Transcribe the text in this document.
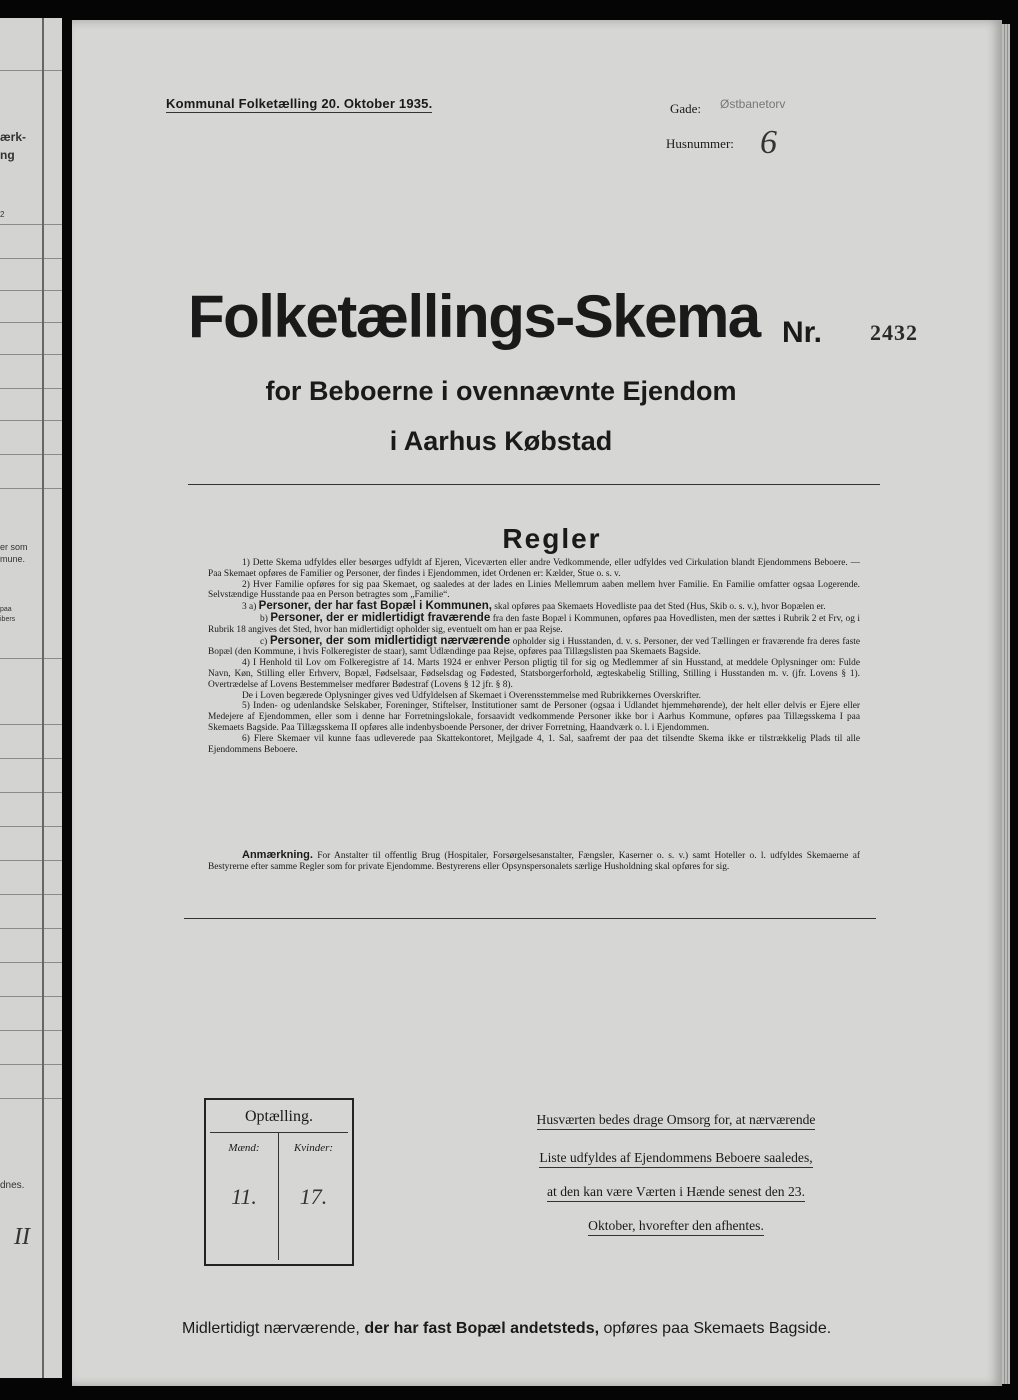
ærk-
ng
2
er som
mune.
paa
ibers
dnes.
II
Kommunal Folketælling 20. Oktober 1935.	Gade: Østbanetorv
Husnummer: 6
Folketællings-Skema Nr. 2432
for Beboerne i ovennævnte Ejendom
i Aarhus Købstad
Regler

1) Dette Skema udfyldes eller besørges udfyldt af Ejeren, Viceværten eller andre Vedkommende, eller udfyldes ved Cirkulation blandt Ejendommens Beboere. — Paa Skemaet opføres de Familier og Personer, der findes i Ejendommen, idet Ordenen er: Kælder, Stue o. s. v.

2) Hver Familie opføres for sig paa Skemaet, og saaledes at der lades en Linies Mellemrum aaben mellem hver Familie. En Familie omfatter ogsaa Logerende. Selvstændige Husstande paa en Person betragtes som „Familie“.

3 a) Personer, der har fast Bopæl i Kommunen, skal opføres paa Skemaets Hovedliste paa det Sted (Hus, Skib o. s. v.), hvor Bopælen er.

b) Personer, der er midlertidigt fraværende fra den faste Bopæl i Kommunen, opføres paa Hovedlisten, men der sættes i Rubrik 2 et Frv, og i Rubrik 18 angives det Sted, hvor han midlertidigt opholder sig, eventuelt om han er paa Rejse.

c) Personer, der som midlertidigt nærværende opholder sig i Husstanden, d. v. s. Personer, der ved Tællingen er fraværende fra deres faste Bopæl (den Kommune, i hvis Folkeregister de staar), samt Udlændinge paa Rejse, opføres paa Tillægslisten paa Skemaets Bagside.

4) I Henhold til Lov om Folkeregistre af 14. Marts 1924 er enhver Person pligtig til for sig og Medlemmer af sin Husstand, at meddele Oplysninger om: Fulde Navn, Køn, Stilling eller Erhverv, Bopæl, Fødselsaar, Fødselsdag og Fødested, Statsborgerforhold, ægteskabelig Stilling, Stilling i Husstanden m. v. (jfr. Lovens § 1). Overtrædelse af Lovens Bestemmelser medfører Bødestraf (Lovens § 12 jfr. § 8).

De i Loven begærede Oplysninger gives ved Udfyldelsen af Skemaet i Overensstemmelse med Rubrikkernes Overskrifter.

5) Inden- og udenlandske Selskaber, Foreninger, Stiftelser, Institutioner samt de Personer (ogsaa i Udlandet hjemmehørende), der helt eller delvis er Ejere eller Medejere af Ejendommen, eller som i denne har Forretningslokale, forsaavidt vedkommende Personer ikke bor i Aarhus Kommune, opføres paa Tillægsskema I paa Skemaets Bagside. Paa Tillægsskema II opføres alle indenbysboende Personer, der driver Forretning, Haandværk o. l. i Ejendommen.

6) Flere Skemaer vil kunne faas udleverede paa Skattekontoret, Mejlgade 4, 1. Sal, saafremt der paa det tilsendte Skema ikke er tilstrækkelig Plads til alle Ejendommens Beboere.

Anmærkning. For Anstalter til offentlig Brug (Hospitaler, Forsørgelsesanstalter, Fængsler, Kaserner o. s. v.) samt Hoteller o. l. udfyldes Skemaerne af Bestyrerne efter samme Regler som for private Ejendomme. Bestyrerens eller Opsynspersonalets særlige Husholdning skal opføres for sig.
Optælling.
Mænd:	Kvinder:
11.	17.
Husværten bedes drage Omsorg for, at nærværende
Liste udfyldes af Ejendommens Beboere saaledes,
at den kan være Værten i Hænde senest den 23.
Oktober, hvorefter den afhentes.
Midlertidigt nærværende, der har fast Bopæl andetsteds, opføres paa Skemaets Bagside.
